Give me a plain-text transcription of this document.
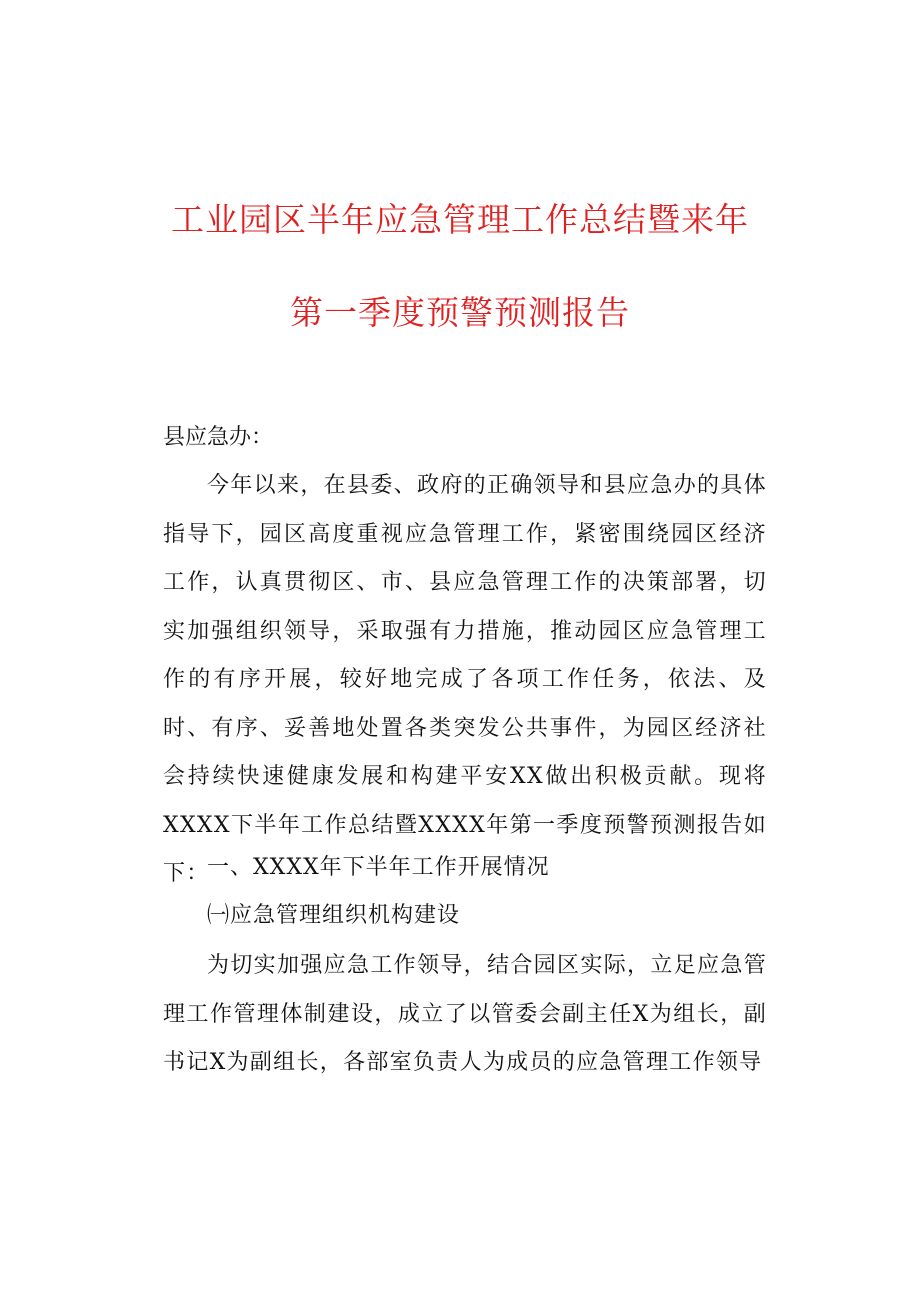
工业园区半年应急管理工作总结暨来年
第一季度预警预测报告
县应急办：
今年以来，在县委、政府的正确领导和县应急办的具体指导下，园区高度重视应急管理工作，紧密围绕园区经济工作，认真贯彻区、市、县应急管理工作的决策部署，切实加强组织领导，采取强有力措施，推动园区应急管理工作的有序开展，较好地完成了各项工作任务，依法、及时、有序、妥善地处置各类突发公共事件，为园区经济社会持续快速健康发展和构建平安XX做出积极贡献。现将XXXX下半年工作总结暨XXXX年第一季度预警预测报告如下：
一、XXXX年下半年工作开展情况
㈠应急管理组织机构建设
为切实加强应急工作领导，结合园区实际，立足应急管理工作管理体制建设，成立了以管委会副主任X为组长，副书记X为副组长，各部室负责人为成员的应急管理工作领导
